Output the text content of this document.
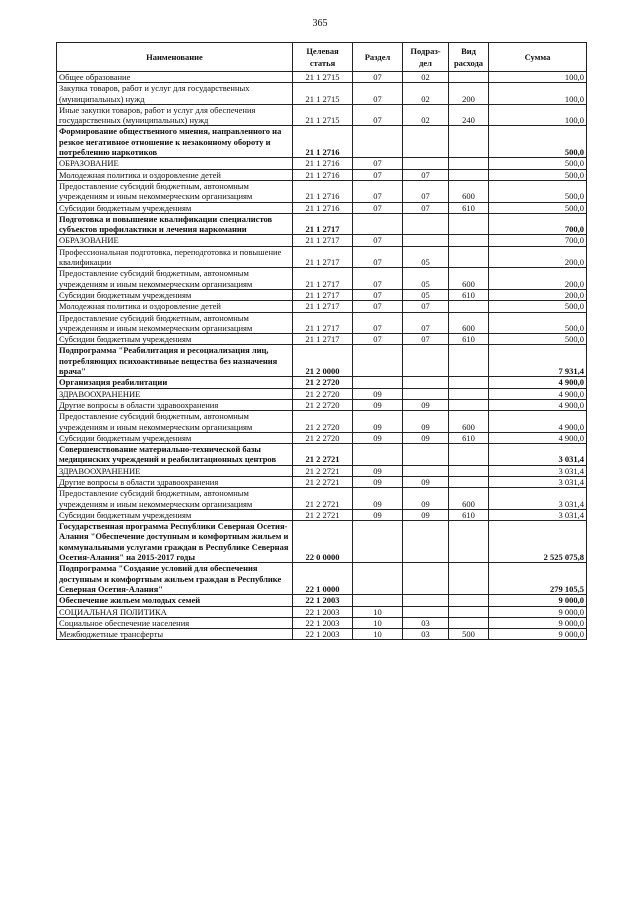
365
Наименование	Целевая статья	Раздел	Подраз-дел	Вид расхода	Сумма
Общее образование	21 1 2715	07	02		100,0
Закупка товаров, работ и услуг для государственных (муниципальных) нужд	21 1 2715	07	02	200	100,0
Иные закупки товаров, работ и услуг для обеспечения государственных (муниципальных) нужд	21 1 2715	07	02	240	100,0
Формирование общественного мнения, направленного на резкое негативное отношение к незаконному обороту и потреблению наркотиков	21 1 2716				500,0
ОБРАЗОВАНИЕ	21 1 2716	07			500,0
Молодежная политика и оздоровление детей	21 1 2716	07	07		500,0
Предоставление субсидий бюджетным, автономным учреждениям и иным некоммерческим организациям	21 1 2716	07	07	600	500,0
Субсидии бюджетным учреждениям	21 1 2716	07	07	610	500,0
Подготовка и повышение квалификации специалистов субъектов профилактики и лечения наркомании	21 1 2717				700,0
ОБРАЗОВАНИЕ	21 1 2717	07			700,0
Профессиональная подготовка, переподготовка и повышение квалификации	21 1 2717	07	05		200,0
Предоставление субсидий бюджетным, автономным учреждениям и иным некоммерческим организациям	21 1 2717	07	05	600	200,0
Субсидии бюджетным учреждениям	21 1 2717	07	05	610	200,0
Молодежная политика и оздоровление детей	21 1 2717	07	07		500,0
Предоставление субсидий бюджетным, автономным учреждениям и иным некоммерческим организациям	21 1 2717	07	07	600	500,0
Субсидии бюджетным учреждениям	21 1 2717	07	07	610	500,0
Подпрограмма "Реабилитация и ресоциализация лиц, потребляющих психоактивные вещества без назначения врача"	21 2 0000				7 931,4
Организация реабилитации	21 2 2720				4 900,0
ЗДРАВООХРАНЕНИЕ	21 2 2720	09			4 900,0
Другие вопросы в области здравоохранения	21 2 2720	09	09		4 900,0
Предоставление субсидий бюджетным, автономным учреждениям и иным некоммерческим организациям	21 2 2720	09	09	600	4 900,0
Субсидии бюджетным учреждениям	21 2 2720	09	09	610	4 900,0
Совершенствование материально-технической базы медицинских учреждений и реабилитационных центров	21 2 2721				3 031,4
ЗДРАВООХРАНЕНИЕ	21 2 2721	09			3 031,4
Другие вопросы в области здравоохранения	21 2 2721	09	09		3 031,4
Предоставление субсидий бюджетным, автономным учреждениям и иным некоммерческим организациям	21 2 2721	09	09	600	3 031,4
Субсидии бюджетным учреждениям	21 2 2721	09	09	610	3 031,4
Государственная программа Республики Северная Осетия-Алания "Обеспечение доступным и комфортным жильем и коммунальными услугами граждан в Республике Северная Осетия-Алания" на 2015-2017 годы	22 0 0000				2 525 075,8
Подпрограмма "Создание условий для обеспечения доступным и комфортным жильем граждан в Республике Северная Осетия-Алания"	22 1 0000				279 105,5
Обеспечение жильем молодых семей	22 1 2003				9 000,0
СОЦИАЛЬНАЯ ПОЛИТИКА	22 1 2003	10			9 000,0
Социальное обеспечение населения	22 1 2003	10	03		9 000,0
Межбюджетные трансферты	22 1 2003	10	03	500	9 000,0
